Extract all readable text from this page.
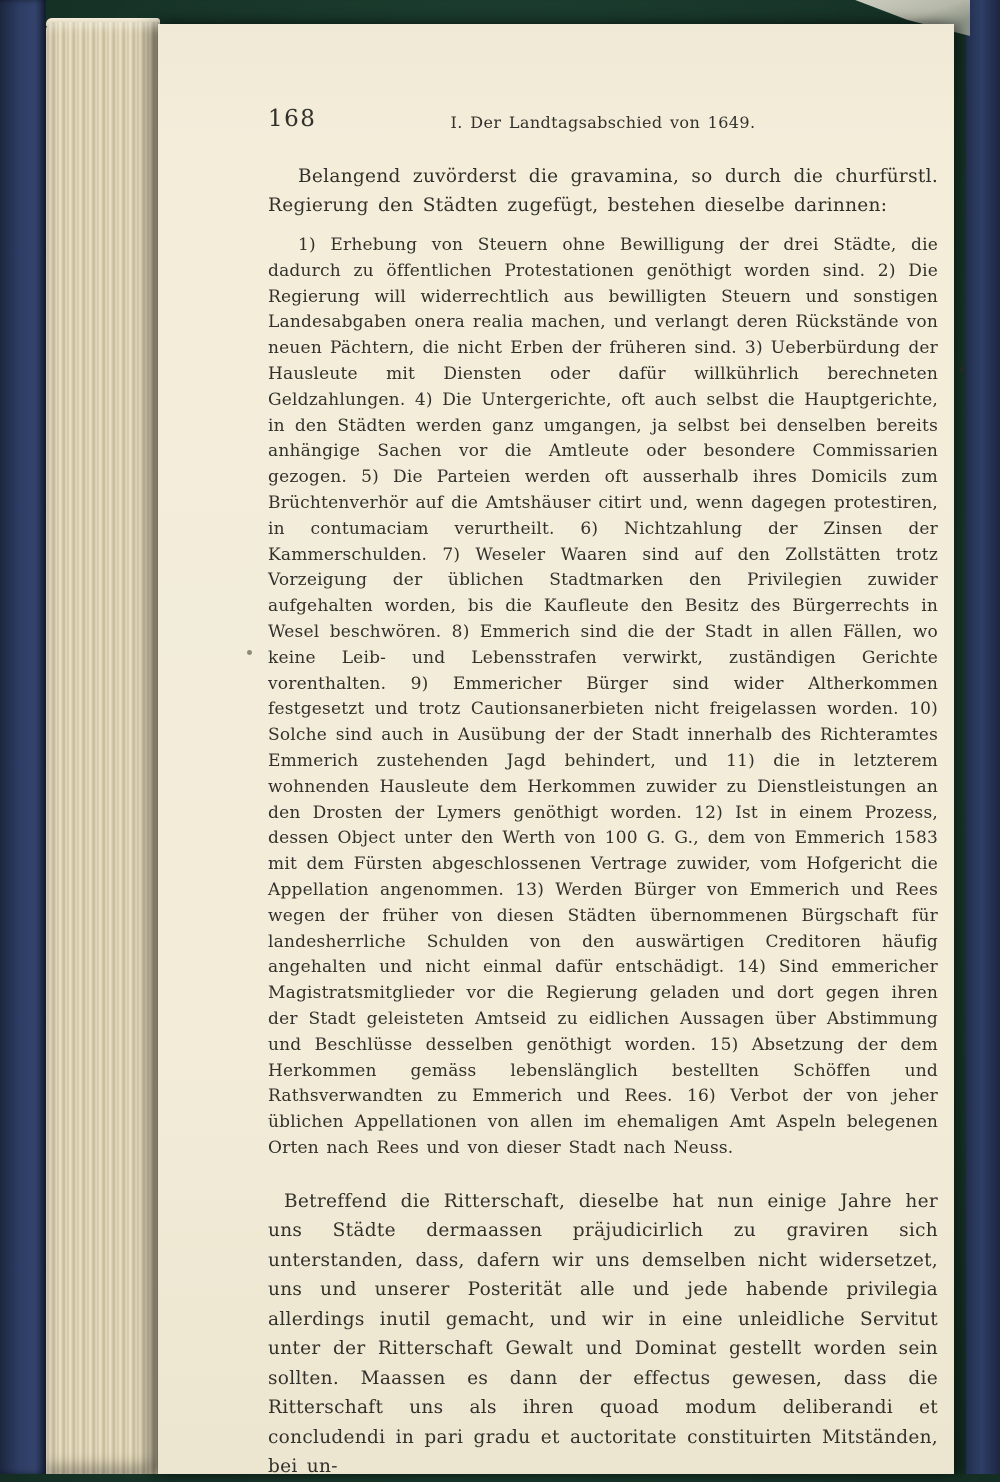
168	I. Der Landtagsabschied von 1649.

Belangend zuvörderst die gravamina, so durch die churfürstl. Regierung den Städten zugefügt, bestehen dieselbe darinnen:

1) Erhebung von Steuern ohne Bewilligung der drei Städte, die dadurch zu öffentlichen Protestationen genöthigt worden sind. 2) Die Regierung will widerrechtlich aus bewilligten Steuern und sonstigen Landesabgaben onera realia machen, und verlangt deren Rückstände von neuen Pächtern, die nicht Erben der früheren sind. 3) Ueberbürdung der Hausleute mit Diensten oder dafür willkührlich berechneten Geldzahlungen. 4) Die Untergerichte, oft auch selbst die Hauptgerichte, in den Städten werden ganz umgangen, ja selbst bei denselben bereits anhängige Sachen vor die Amtleute oder besondere Commissarien gezogen. 5) Die Parteien werden oft ausserhalb ihres Domicils zum Brüchtenverhör auf die Amtshäuser citirt und, wenn dagegen protestiren, in contumaciam verurtheilt. 6) Nichtzahlung der Zinsen der Kammerschulden. 7) Weseler Waaren sind auf den Zollstätten trotz Vorzeigung der üblichen Stadtmarken den Privilegien zuwider aufgehalten worden, bis die Kaufleute den Besitz des Bürgerrechts in Wesel beschwören. 8) Emmerich sind die der Stadt in allen Fällen, wo keine Leib- und Lebensstrafen verwirkt, zuständigen Gerichte vorenthalten. 9) Emmericher Bürger sind wider Altherkommen festgesetzt und trotz Cautionsanerbieten nicht freigelassen worden. 10) Solche sind auch in Ausübung der der Stadt innerhalb des Richteramtes Emmerich zustehenden Jagd behindert, und 11) die in letzterem wohnenden Hausleute dem Herkommen zuwider zu Dienstleistungen an den Drosten der Lymers genöthigt worden. 12) Ist in einem Prozess, dessen Object unter den Werth von 100 G. G., dem von Emmerich 1583 mit dem Fürsten abgeschlossenen Vertrage zuwider, vom Hofgericht die Appellation angenommen. 13) Werden Bürger von Emmerich und Rees wegen der früher von diesen Städten übernommenen Bürgschaft für landesherrliche Schulden von den auswärtigen Creditoren häufig angehalten und nicht einmal dafür entschädigt. 14) Sind emmericher Magistratsmitglieder vor die Regierung geladen und dort gegen ihren der Stadt geleisteten Amtseid zu eidlichen Aussagen über Abstimmung und Beschlüsse desselben genöthigt worden. 15) Absetzung der dem Herkommen gemäss lebenslänglich bestellten Schöffen und Rathsverwandten zu Emmerich und Rees. 16) Verbot der von jeher üblichen Appellationen von allen im ehemaligen Amt Aspeln belegenen Orten nach Rees und von dieser Stadt nach Neuss.

Betreffend die Ritterschaft, dieselbe hat nun einige Jahre her uns Städte dermaassen präjudicirlich zu graviren sich unterstanden, dass, dafern wir uns demselben nicht widersetzet, uns und unserer Posterität alle und jede habende privilegia allerdings inutil gemacht, und wir in eine unleidliche Servitut unter der Ritterschaft Gewalt und Dominat gestellt worden sein sollten. Maassen es dann der effectus gewesen, dass die Ritterschaft uns als ihren quoad modum deliberandi et concludendi in pari gradu et auctoritate constituirten Mitständen, bei un-
